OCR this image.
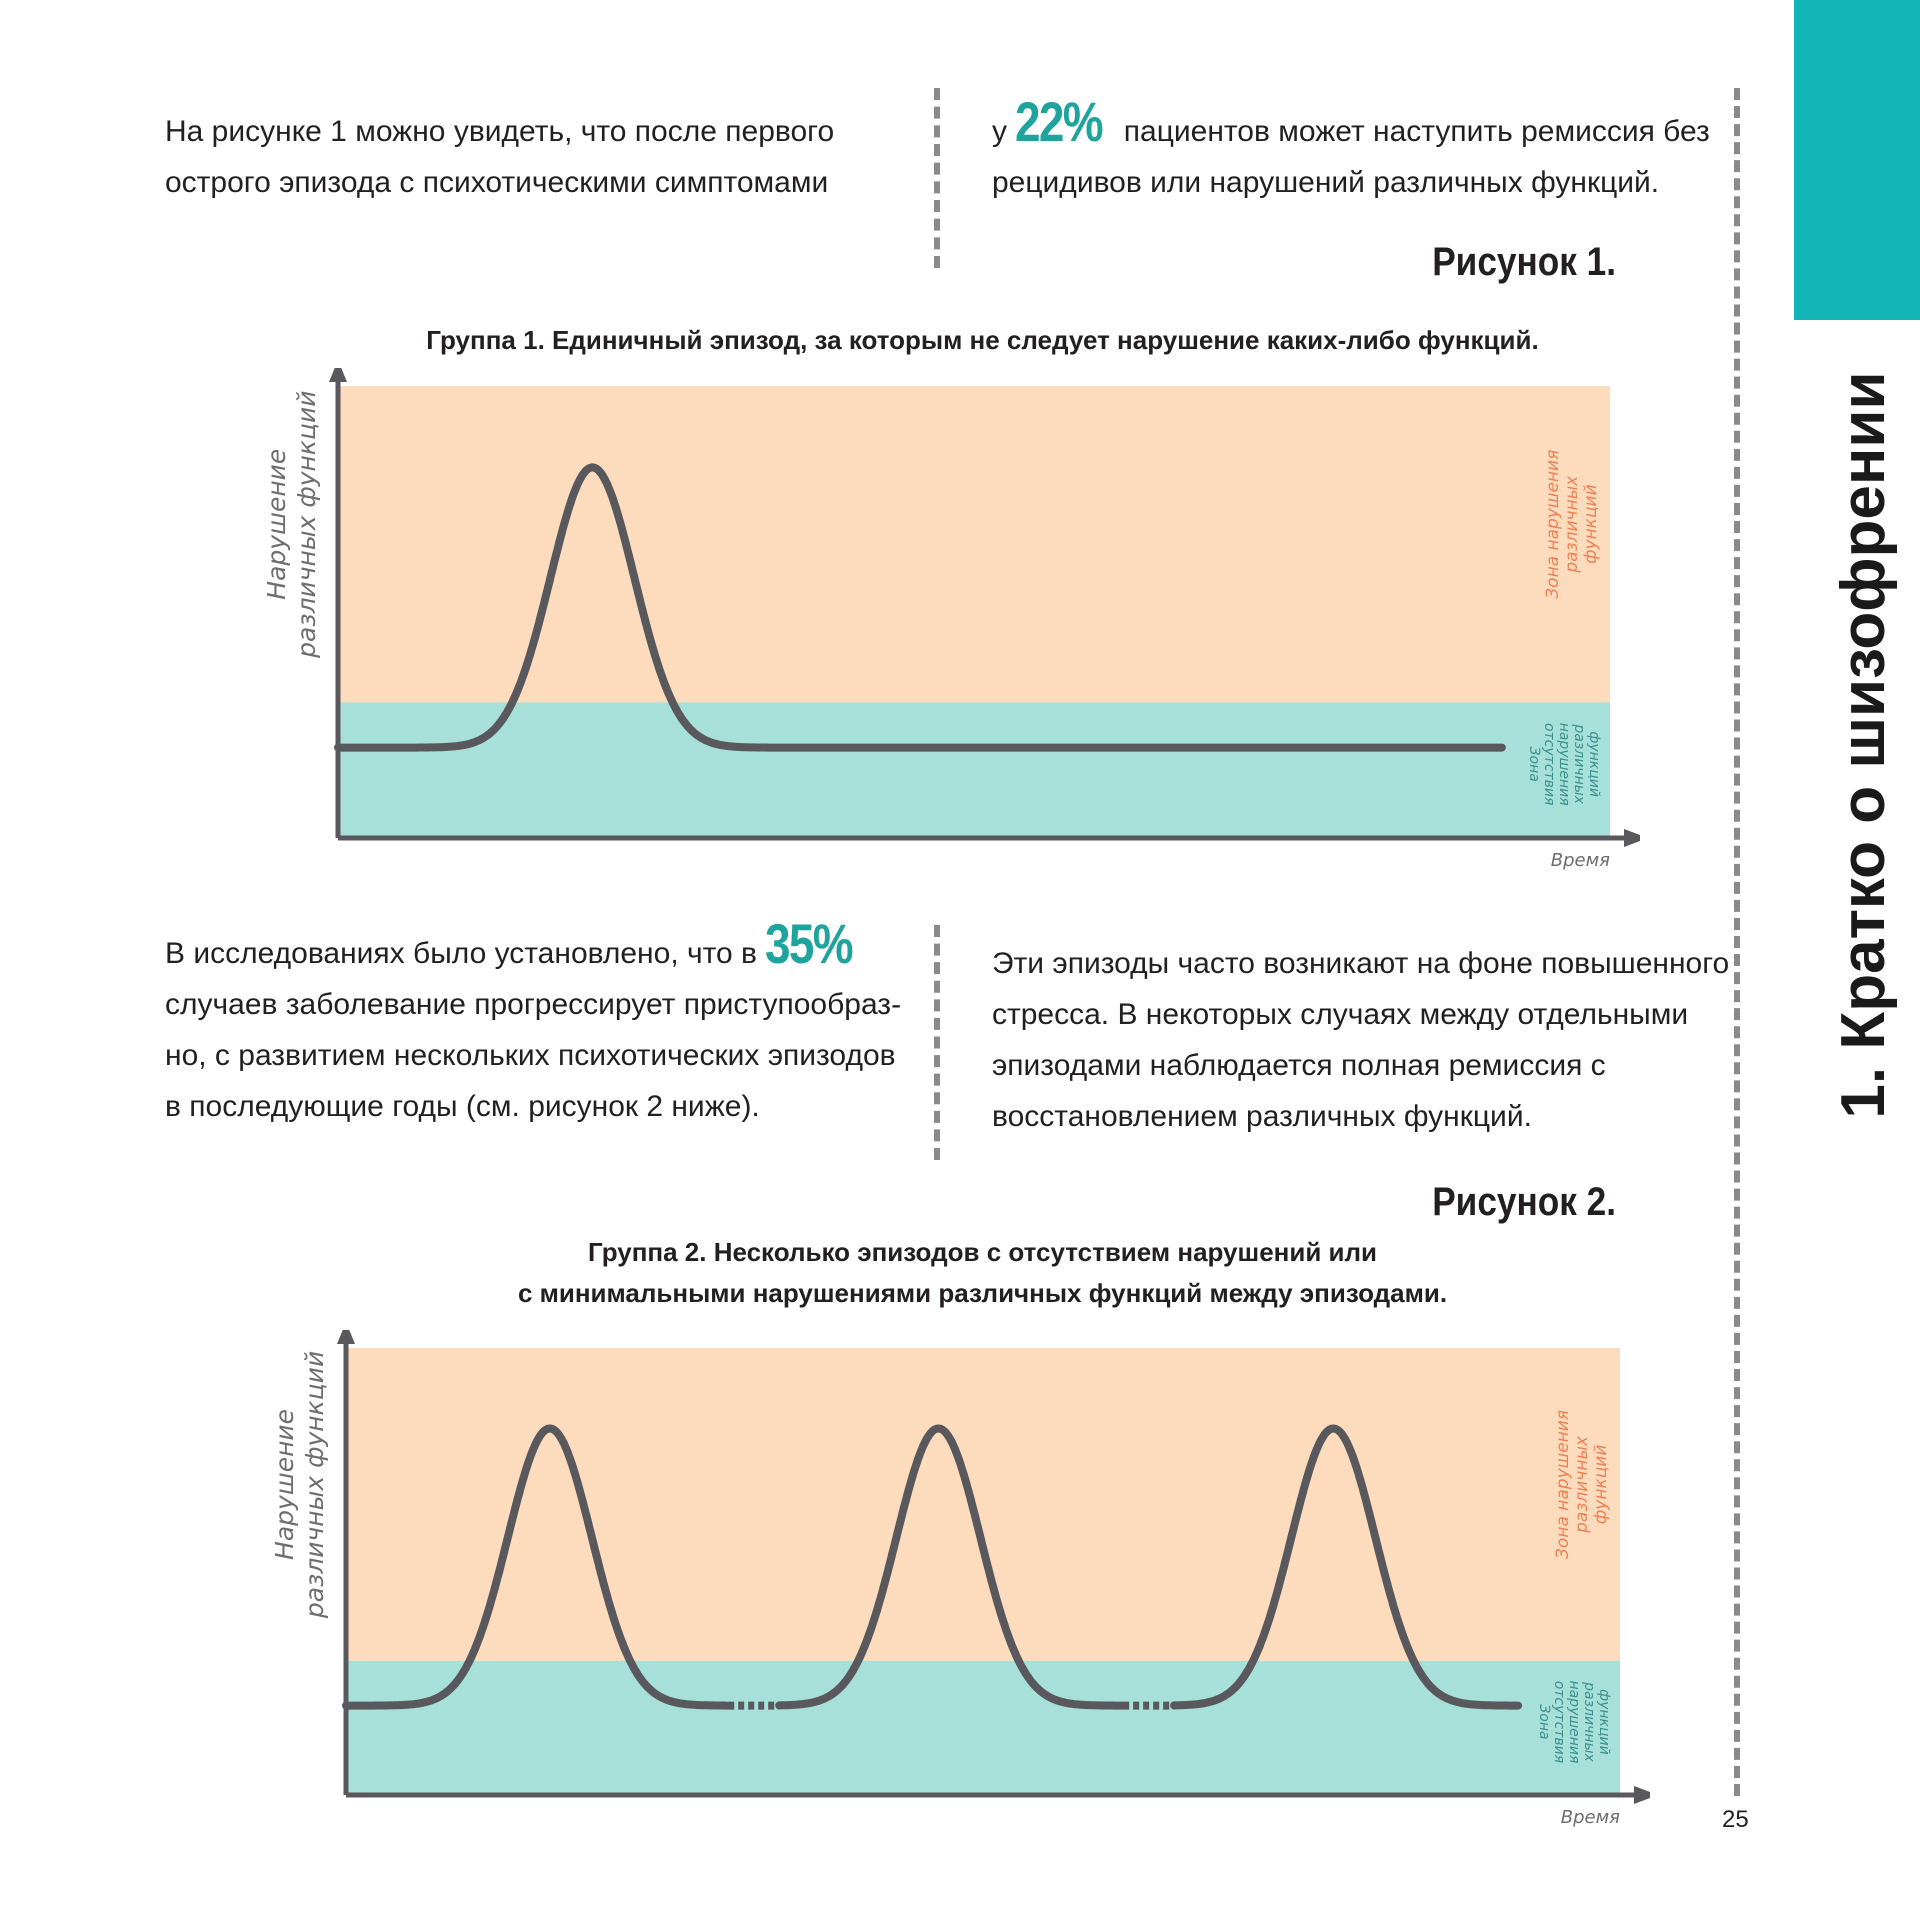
1. Кратко о шизофрении
25

На рисунке 1 можно увидеть, что после первого острого эпизода с психотическими симптомами

у 22% пациентов может наступить ремиссия без рецидивов или нарушений различных функций.

Рисунок 1.
Группа 1. Единичный эпизод, за которым не следует нарушение каких-либо функций.
Нарушениеразличных функций
Время
Зона нарушенияразличныхфункций
Зонаотсутствиянарушенияразличныхфункций

В исследованиях было установлено, что в 35% случаев заболевание прогрессирует приступообразно, с развитием нескольких психотических эпизодов в последующие годы (см. рисунок 2 ниже).

Эти эпизоды часто возникают на фоне повышенного стресса. В некоторых случаях между отдельными эпизодами наблюдается полная ремиссия с восстановлением различных функций.

Рисунок 2.
Группа 2. Несколько эпизодов с отсутствием нарушений или
с минимальными нарушениями различных функций между эпизодами.
Нарушениеразличных функций
Время
Зона нарушенияразличныхфункций
Зонаотсутствиянарушенияразличныхфункций
